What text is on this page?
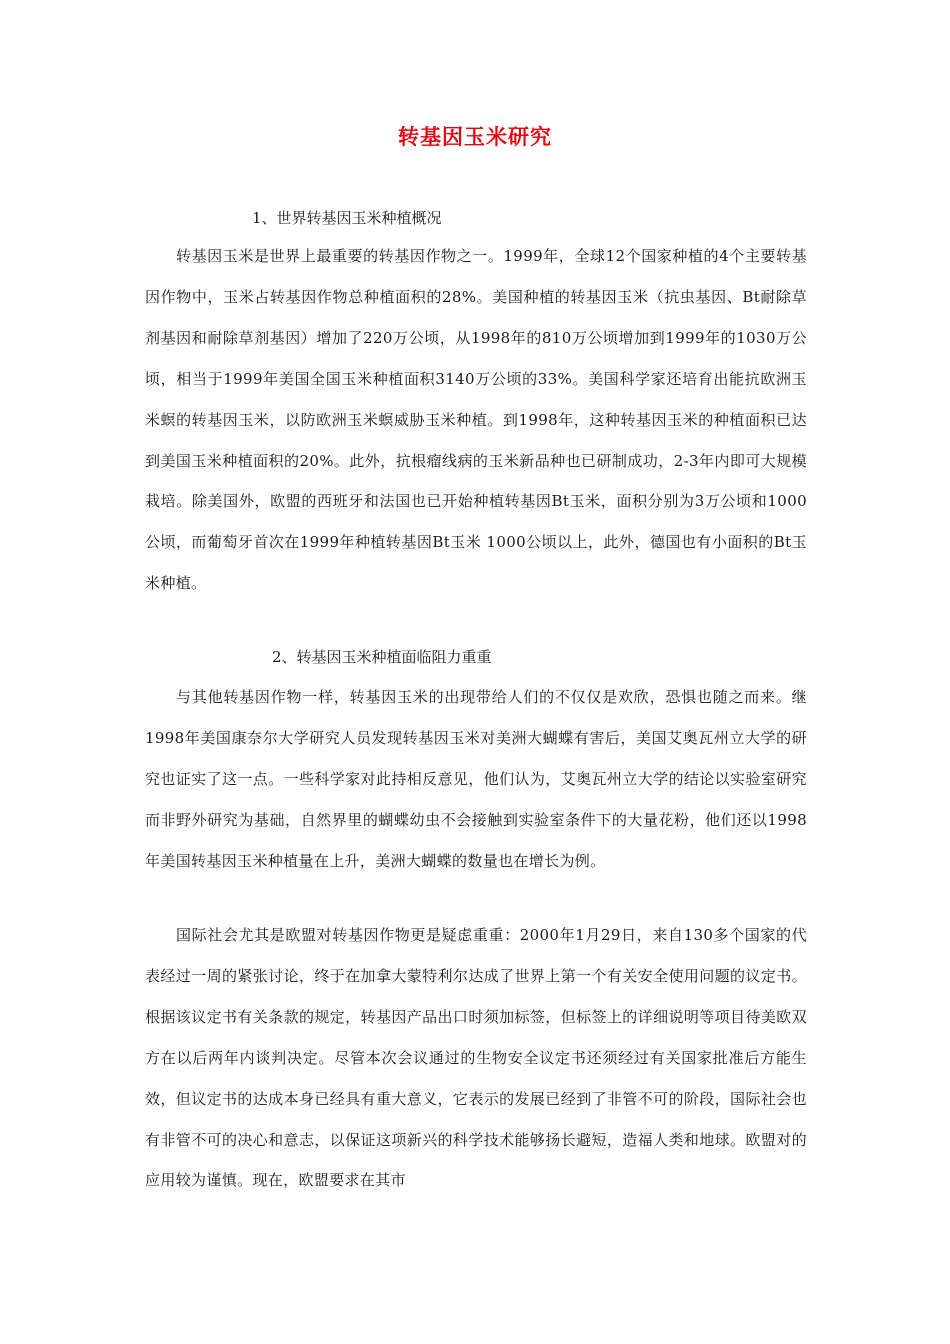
转基因玉米研究
1、世界转基因玉米种植概况

转基因玉米是世界上最重要的转基因作物之一。1999年，全球12个国家种植的4个主要转基因作物中，玉米占转基因作物总种植面积的28%。美国种植的转基因玉米（抗虫基因、Bt耐除草剂基因和耐除草剂基因）增加了220万公顷，从1998年的810万公顷增加到1999年的1030万公顷，相当于1999年美国全国玉米种植面积3140万公顷的33%。美国科学家还培育出能抗欧洲玉米螟的转基因玉米，以防欧洲玉米螟威胁玉米种植。到1998年，这种转基因玉米的种植面积已达到美国玉米种植面积的20%。此外，抗根瘤线病的玉米新品种也已研制成功，2-3年内即可大规模栽培。除美国外，欧盟的西班牙和法国也已开始种植转基因Bt玉米，面积分别为3万公顷和1000公顷，而葡萄牙首次在1999年种植转基因Bt玉米 1000公顷以上，此外，德国也有小面积的Bt玉米种植。

2、转基因玉米种植面临阻力重重

与其他转基因作物一样，转基因玉米的出现带给人们的不仅仅是欢欣，恐惧也随之而来。继1998年美国康奈尔大学研究人员发现转基因玉米对美洲大蝴蝶有害后，美国艾奥瓦州立大学的研究也证实了这一点。一些科学家对此持相反意见，他们认为，艾奥瓦州立大学的结论以实验室研究而非野外研究为基础，自然界里的蝴蝶幼虫不会接触到实验室条件下的大量花粉，他们还以1998年美国转基因玉米种植量在上升，美洲大蝴蝶的数量也在增长为例。

国际社会尤其是欧盟对转基因作物更是疑虑重重：2000年1月29日，来自130多个国家的代表经过一周的紧张讨论，终于在加拿大蒙特利尔达成了世界上第一个有关安全使用问题的议定书。根据该议定书有关条款的规定，转基因产品出口时须加标签，但标签上的详细说明等项目待美欧双方在以后两年内谈判决定。尽管本次会议通过的生物安全议定书还须经过有关国家批准后方能生效，但议定书的达成本身已经具有重大意义，它表示的发展已经到了非管不可的阶段，国际社会也有非管不可的决心和意志，以保证这项新兴的科学技术能够扬长避短，造福人类和地球。欧盟对的应用较为谨慎。现在，欧盟要求在其市
